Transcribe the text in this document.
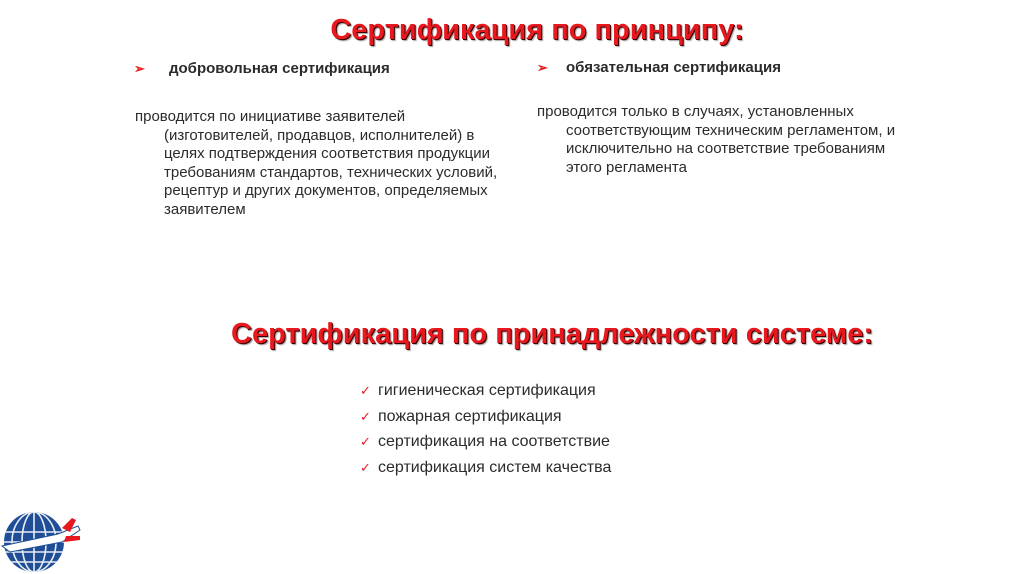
Сертификация по принципу:
➢ добровольная сертификация

проводится по инициативе заявителей (изготовителей, продавцов, исполнителей) в целях подтверждения соответствия продукции требованиям стандартов, технических условий, рецептур и других документов, определяемых заявителем

➢ обязательная сертификация

проводится только в случаях, установленных соответствующим техническим регламентом, и исключительно на соответствие требованиям этого регламента

Сертификация по принадлежности системе:
✓ гигиеническая сертификация
✓ пожарная сертификация
✓ сертификация на соответствие
✓ сертификация систем качества
